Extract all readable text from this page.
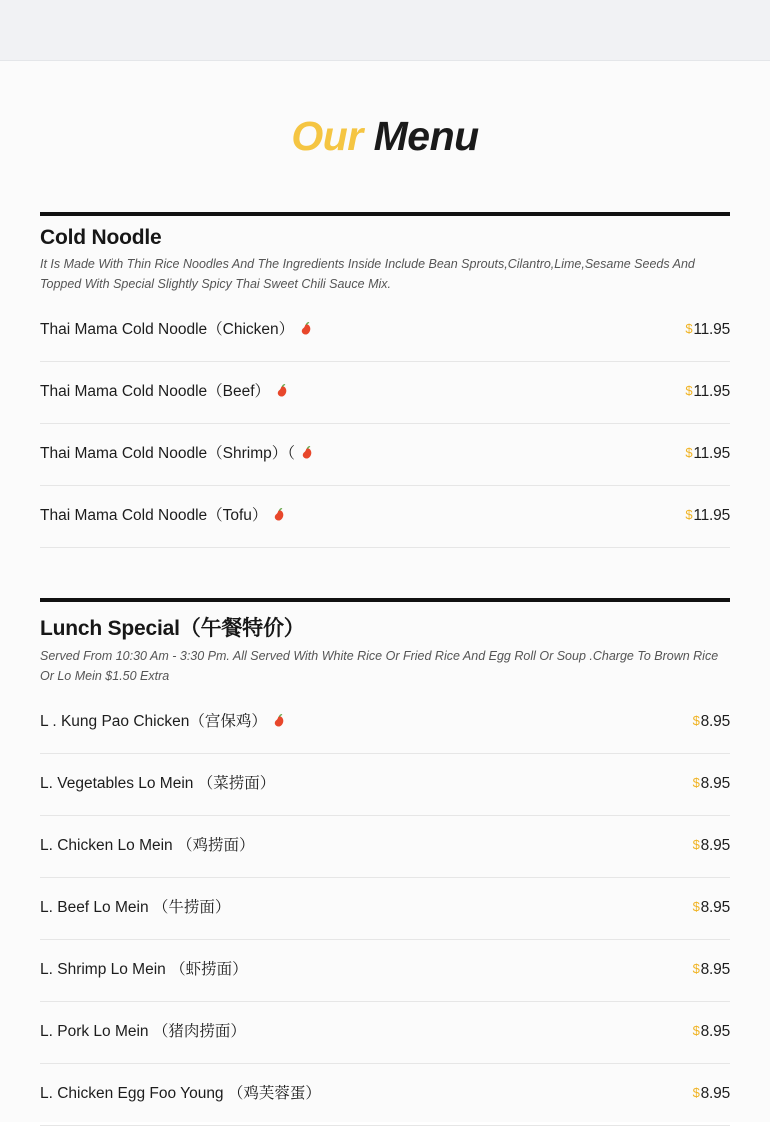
Our Menu
Cold Noodle
It Is Made With Thin Rice Noodles And The Ingredients Inside Include Bean Sprouts,Cilantro,Lime,Sesame Seeds And Topped With Special Slightly Spicy Thai Sweet Chili Sauce Mix.
Thai Mama Cold Noodle（Chicken）	$11.95
Thai Mama Cold Noodle（Beef）	$11.95
Thai Mama Cold Noodle（Shrimp）（	$11.95
Thai Mama Cold Noodle（Tofu）	$11.95
Lunch Special（午餐特价）
Served From 10:30 Am - 3:30 Pm. All Served With White Rice Or Fried Rice And Egg Roll Or Soup .Charge To Brown Rice Or Lo Mein $1.50 Extra
L . Kung Pao Chicken（宫保鸡）	$8.95
L. Vegetables Lo Mein （菜捞面）	$8.95
L. Chicken Lo Mein （鸡捞面）	$8.95
L. Beef Lo Mein （牛捞面）	$8.95
L. Shrimp Lo Mein （虾捞面）	$8.95
L. Pork Lo Mein （猪肉捞面）	$8.95
L. Chicken Egg Foo Young （鸡芙蓉蛋）	$8.95
